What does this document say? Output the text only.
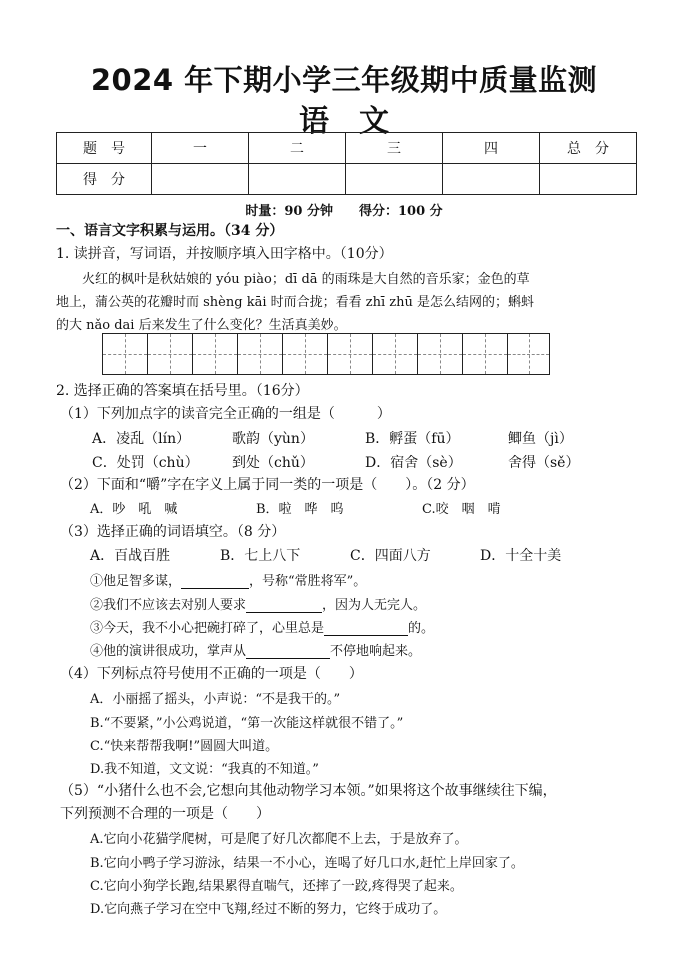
2024 年下期小学三年级期中质量监测
语　文
题　号	一	二	三	四	总　分
得　分					
时量：90 分钟　　得分：100 分
一、语言文字积累与运用。（34 分）
1. 读拼音，写词语，并按顺序填入田字格中。（10分）
火红的枫叶是秋姑娘的 yóu piào；dī dā 的雨珠是大自然的音乐家；金色的草
地上，蒲公英的花瓣时而 shèng kāi 时而合拢；看看 zhī zhū 是怎么结网的；蝌蚪
的大 nǎo dai 后来发生了什么变化？生活真美妙。
2. 选择正确的答案填在括号里。（16分）
（1）下列加点字的读音完全正确的一组是（　　　）
A．凌乱（lín）	歌韵（yùn）	B．孵蛋（fū）	鲫鱼（jì）
C．处罚（chù） 到处（chǔ）	D．宿舍（sè）	舍得（sě）
（2）下面和“嚼”字在字义上属于同一类的一项是（　　）。（2 分）
A．吵　吼　喊	B．啦　哗　呜	C.咬　咽　啃
（3）选择正确的词语填空。（8 分）
A．百战百胜	B．七上八下	C．四面八方	D．十全十美
①他足智多谋，	，号称“常胜将军”。
②我们不应该去对别人要求	，因为人无完人。
③今天，我不小心把碗打碎了，心里总是	的。
④他的演讲很成功，掌声从	不停地响起来。
（4）下列标点符号使用不正确的一项是（　　）
A．小丽摇了摇头，小声说：“不是我干的。”
B.“不要紧，”小公鸡说道，“第一次能这样就很不错了。”
C.“快来帮帮我啊!”圆圆大叫道。
D.我不知道，文文说：“我真的不知道。”
（5）“小猪什么也不会,它想向其他动物学习本领。”如果将这个故事继续往下编，
下列预测不合理的一项是（　　）
A.它向小花猫学爬树，可是爬了好几次都爬不上去，于是放弃了。
B.它向小鸭子学习游泳，结果一不小心，连喝了好几口水,赶忙上岸回家了。
C.它向小狗学长跑,结果累得直喘气，还摔了一跤,疼得哭了起来。
D.它向燕子学习在空中飞翔,经过不断的努力，它终于成功了。
